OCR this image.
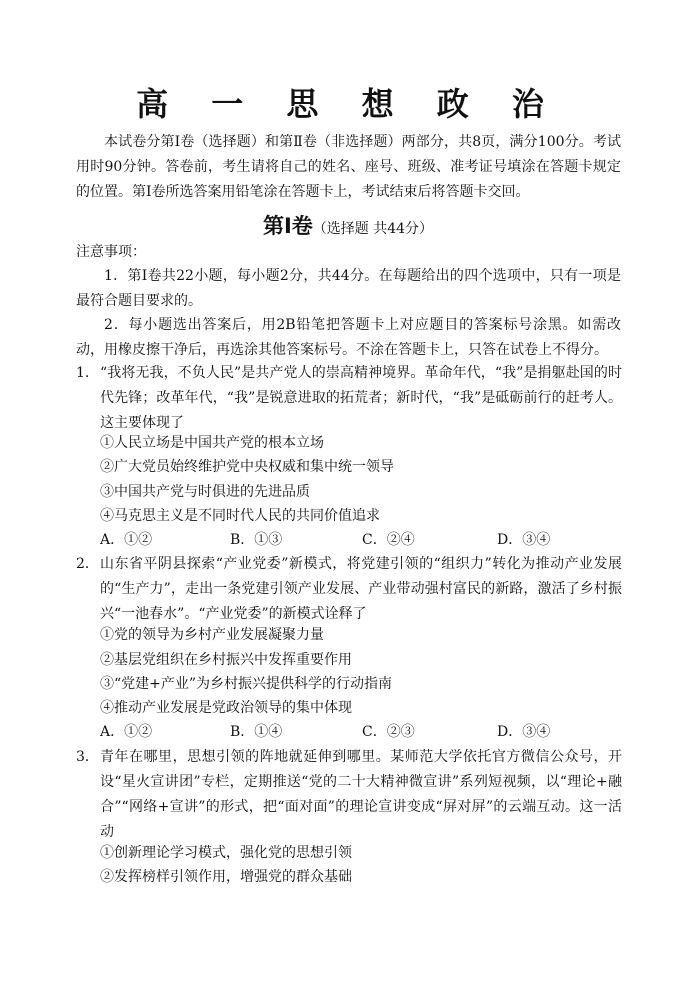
高 一 思 想 政 治
本试卷分第Ⅰ卷（选择题）和第Ⅱ卷（非选择题）两部分，共8页，满分100分。考试用时90分钟。答卷前，考生请将自己的姓名、座号、班级、准考证号填涂在答题卡规定的位置。第Ⅰ卷所选答案用铅笔涂在答题卡上，考试结束后将答题卡交回。
第Ⅰ卷（选择题 共44分）
注意事项：
1．第Ⅰ卷共22小题，每小题2分，共44分。在每题给出的四个选项中，只有一项是最符合题目要求的。
2．每小题选出答案后，用2B铅笔把答题卡上对应题目的答案标号涂黑。如需改动，用橡皮擦干净后，再选涂其他答案标号。不涂在答题卡上，只答在试卷上不得分。
1． “我将无我，不负人民”是共产党人的崇高精神境界。革命年代，“我”是捐躯赴国的时代先锋；改革年代，“我”是锐意进取的拓荒者；新时代，“我”是砥砺前行的赶考人。这主要体现了
①人民立场是中国共产党的根本立场
②广大党员始终维护党中央权威和集中统一领导
③中国共产党与时俱进的先进品质
④马克思主义是不同时代人民的共同价值追求
A．①②	B．①③	C．②④	D．③④
2． 山东省平阴县探索“产业党委”新模式，将党建引领的“组织力”转化为推动产业发展的“生产力”，走出一条党建引领产业发展、产业带动强村富民的新路，激活了乡村振兴“一池春水”。“产业党委”的新模式诠释了
①党的领导为乡村产业发展凝聚力量
②基层党组织在乡村振兴中发挥重要作用
③“党建+产业”为乡村振兴提供科学的行动指南
④推动产业发展是党政治领导的集中体现
A．①②	B．①④	C．②③	D．③④
3． 青年在哪里，思想引领的阵地就延伸到哪里。某师范大学依托官方微信公众号，开设“星火宣讲团”专栏，定期推送“党的二十大精神微宣讲”系列短视频，以“理论+融合”“网络+宣讲”的形式，把“面对面”的理论宣讲变成“屏对屏”的云端互动。这一活动
①创新理论学习模式，强化党的思想引领
②发挥榜样引领作用，增强党的群众基础
